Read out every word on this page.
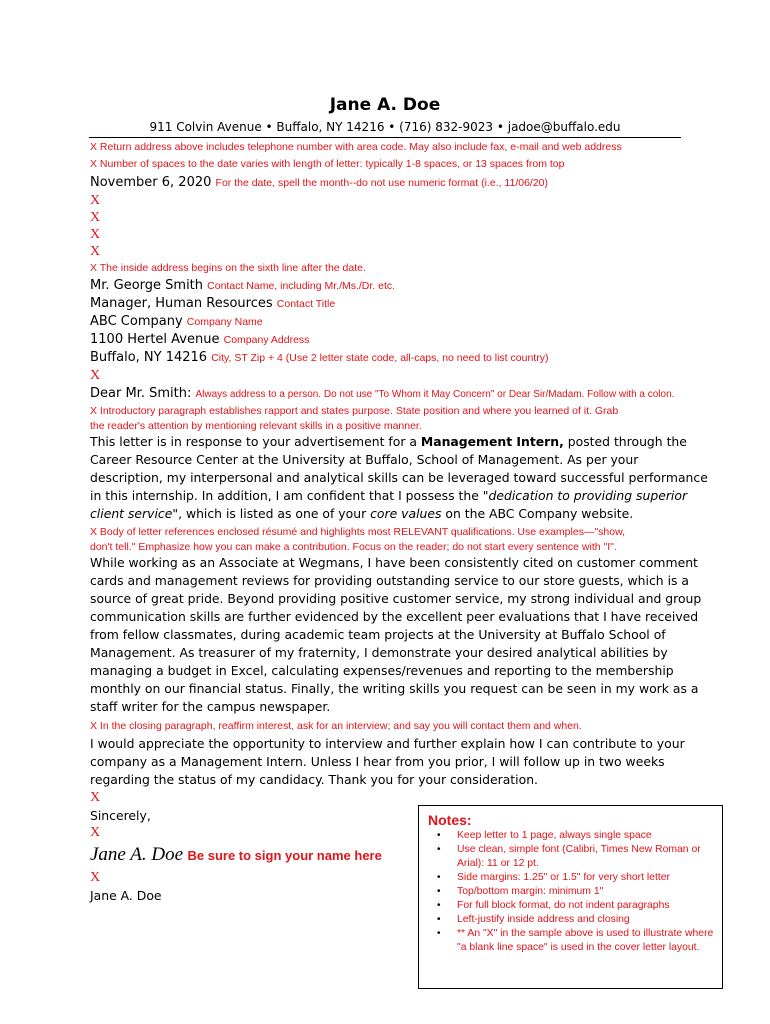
Jane A. Doe
911 Colvin Avenue • Buffalo, NY 14216 • (716) 832-9023 • jadoe@buffalo.edu
X Return address above includes telephone number with area code. May also include fax, e-mail and web address
X Number of spaces to the date varies with length of letter: typically 1-8 spaces, or 13 spaces from top
November 6, 2020 For the date, spell the month--do not use numeric format (i.e., 11/06/20)
X
X
X
X
X The inside address begins on the sixth line after the date.
Mr. George Smith Contact Name, including Mr./Ms./Dr. etc.
Manager, Human Resources Contact Title
ABC Company Company Name
1100 Hertel Avenue Company Address
Buffalo, NY 14216 City, ST Zip + 4 (Use 2 letter state code, all-caps, no need to list country)
X
Dear Mr. Smith: Always address to a person. Do not use "To Whom it May Concern" or Dear Sir/Madam. Follow with a colon.
X Introductory paragraph establishes rapport and states purpose. State position and where you learned of it. Grab
the reader's attention by mentioning relevant skills in a positive manner.
This letter is in response to your advertisement for a Management Intern, posted through the
Career Resource Center at the University at Buffalo, School of Management. As per your
description, my interpersonal and analytical skills can be leveraged toward successful performance
in this internship. In addition, I am confident that I possess the "dedication to providing superior
client service", which is listed as one of your core values on the ABC Company website.
X Body of letter references enclosed résumé and highlights most RELEVANT qualifications. Use examples—"show,
don't tell." Emphasize how you can make a contribution. Focus on the reader; do not start every sentence with "I".
While working as an Associate at Wegmans, I have been consistently cited on customer comment
cards and management reviews for providing outstanding service to our store guests, which is a
source of great pride. Beyond providing positive customer service, my strong individual and group
communication skills are further evidenced by the excellent peer evaluations that I have received
from fellow classmates, during academic team projects at the University at Buffalo School of
Management. As treasurer of my fraternity, I demonstrate your desired analytical abilities by
managing a budget in Excel, calculating expenses/revenues and reporting to the membership
monthly on our financial status. Finally, the writing skills you request can be seen in my work as a
staff writer for the campus newspaper.
X In the closing paragraph, reaffirm interest, ask for an interview; and say you will contact them and when.
I would appreciate the opportunity to interview and further explain how I can contribute to your
company as a Management Intern. Unless I hear from you prior, I will follow up in two weeks
regarding the status of my candidacy. Thank you for your consideration.
X
Sincerely,
X
Jane A. Doe Be sure to sign your name here
X
Jane A. Doe
Notes:
• Keep letter to 1 page, always single space
• Use clean, simple font (Calibri, Times New Roman or Arial): 11 or 12 pt.
• Side margins: 1.25" or 1.5" for very short letter
• Top/bottom margin: minimum 1"
• For full block format, do not indent paragraphs
• Left-justify inside address and closing
• ** An "X" in the sample above is used to illustrate where "a blank line space" is used in the cover letter layout.
